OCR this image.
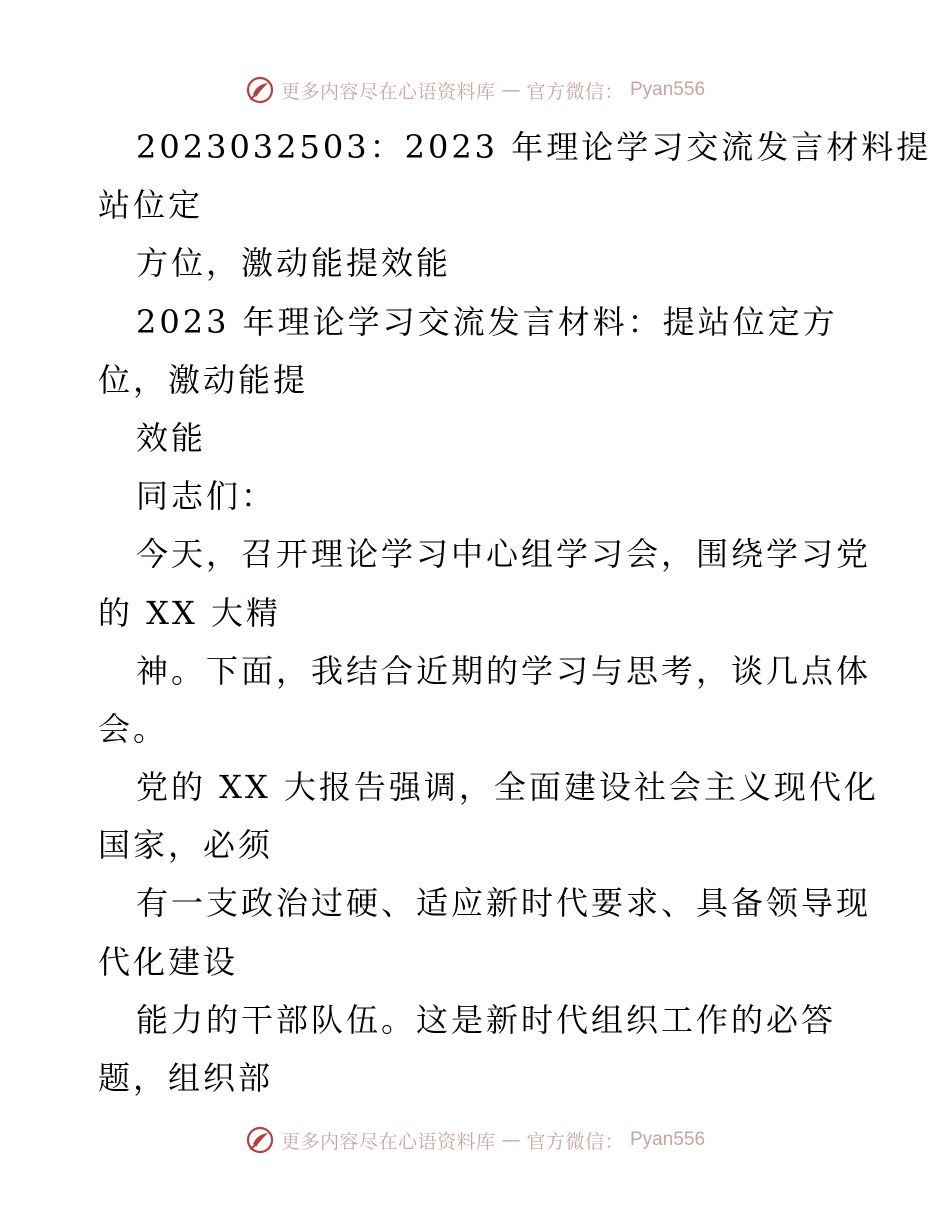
更多内容尽在心语资料库 — 官方微信： Pyan556
2023032503：2023 年理论学习交流发言材料提
站位定
方位，激动能提效能
2023 年理论学习交流发言材料：提站位定方
位，激动能提
效能
同志们：
今天，召开理论学习中心组学习会，围绕学习党
的 XX 大精
神。下面，我结合近期的学习与思考，谈几点体
会。
党的 XX 大报告强调，全面建设社会主义现代化
国家，必须
有一支政治过硬、适应新时代要求、具备领导现
代化建设
能力的干部队伍。这是新时代组织工作的必答
题，组织部
更多内容尽在心语资料库 — 官方微信： Pyan556
